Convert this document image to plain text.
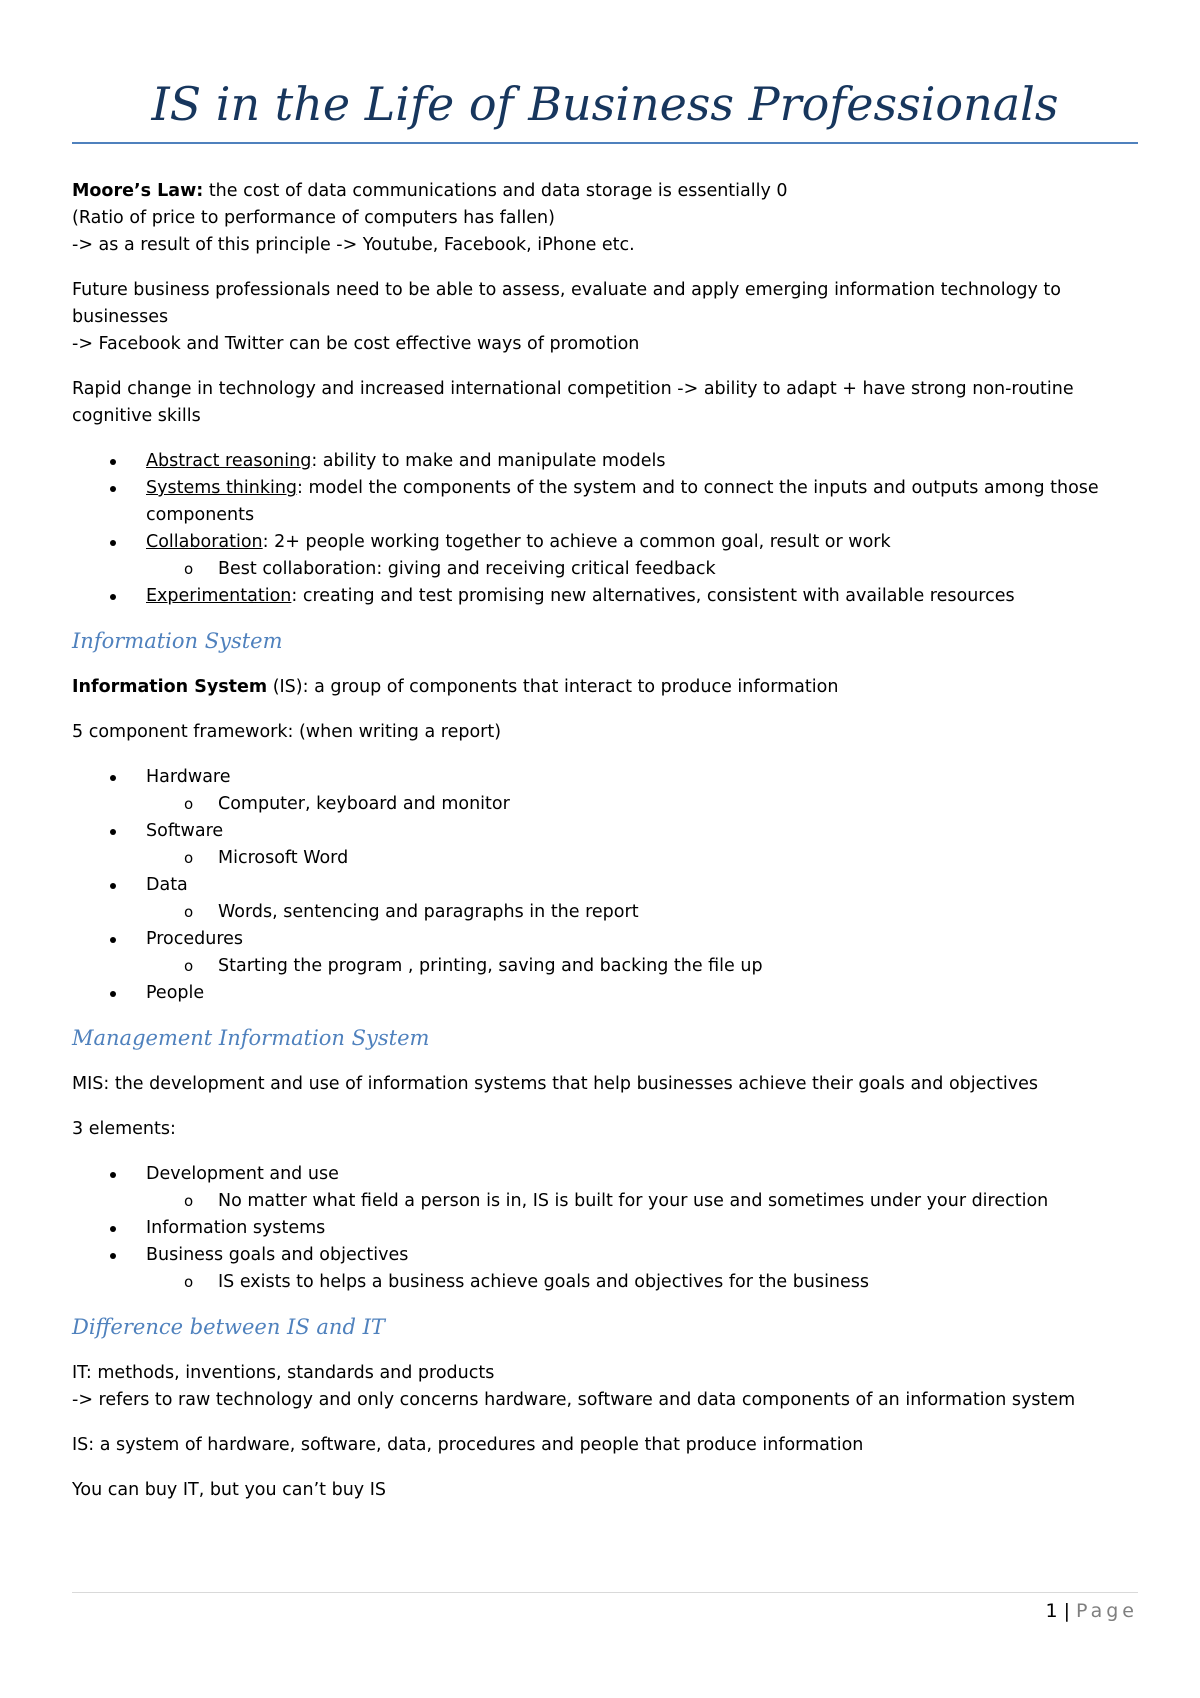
IS in the Life of Business Professionals

Moore’s Law: the cost of data communications and data storage is essentially 0
(Ratio of price to performance of computers has fallen)
-> as a result of this principle -> Youtube, Facebook, iPhone etc.

Future business professionals need to be able to assess, evaluate and apply emerging information technology to businesses
-> Facebook and Twitter can be cost effective ways of promotion

Rapid change in technology and increased international competition -> ability to adapt + have strong non-routine cognitive skills

Abstract reasoning: ability to make and manipulate models
Systems thinking: model the components of the system and to connect the inputs and outputs among those components
Collaboration: 2+ people working together to achieve a common goal, result or work
o Best collaboration: giving and receiving critical feedback
Experimentation: creating and test promising new alternatives, consistent with available resources
Information System

Information System (IS): a group of components that interact to produce information

5 component framework: (when writing a report)

Hardware
o Computer, keyboard and monitor
Software
o Microsoft Word
Data
o Words, sentencing and paragraphs in the report
Procedures
o Starting the program , printing, saving and backing the file up
People
Management Information System

MIS: the development and use of information systems that help businesses achieve their goals and objectives

3 elements:

Development and use
o No matter what field a person is in, IS is built for your use and sometimes under your direction
Information systems
Business goals and objectives
o IS exists to helps a business achieve goals and objectives for the business
Difference between IS and IT

IT: methods, inventions, standards and products
-> refers to raw technology and only concerns hardware, software and data components of an information system

IS: a system of hardware, software, data, procedures and people that produce information

You can buy IT, but you can’t buy IS

1 | Page
